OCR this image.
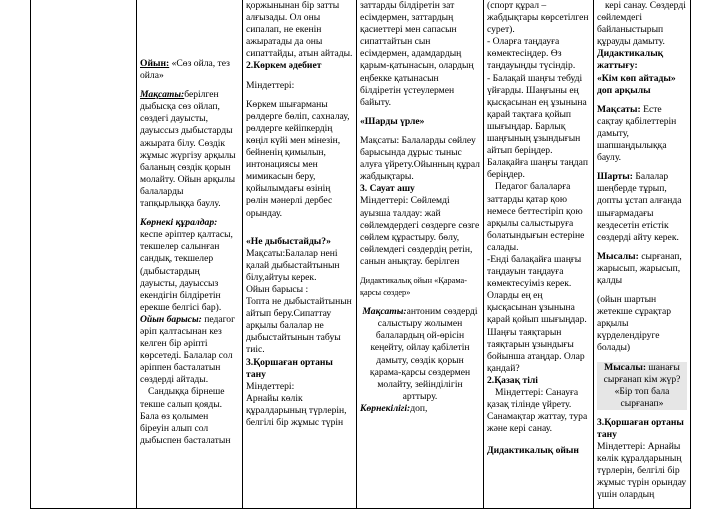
Ойын: «Сөз ойла, тез ойла»

Мақсаты:берілген дыбысқа сөз ойлап, сөздегі дауысты, дауыссыз дыбыстарды ажырата білу. Сөздік жұмыс жүргізу арқылы баланың сөздік қорын молайту. Ойын арқылы балаларды тапқырлыққа баулу.

Көрнекі құралдар: кеспе әріптер қалтасы, текшелер салынған сандық, текшелер (дыбыстардың дауысты, дауыссыз екендігін білдіретін ерекше белгісі бар).

Ойын барысы: педагог әріп қалтасынан кез келген бір әріпті көрсетеді. Балалар сол әріппен басталатын сөздерді айтады.

Сандыққа бірнеше текше салып қояды. Бала өз қолымен біреуін алып сол дыбыспен басталатын

қоржынынан бір затты алғызады. Ол оны сипалап, не екенін ажыратады да оны сипаттайды, атын айтады.

2.Көркем әдебиет

Міндеттері:

Көркем шығарманы рөлдерге бөліп, сахналау, рөлдерге кейіпкердің көңіл күйі мен мінезін, бейненің қимылын, интонациясы мен мимикасын беру, қойылымдағы өзінің рөлін мәнерлі дербес орындау.

«Не дыбыстайды?»

Мақсаты:Балалар нені қалай дыбыстайтынын білу,айтуы керек.

Ойын барысы :

Топта не дыбыстайтынын айтып беру.Сипаттау арқылы балалар не дыбыстайтынын табуы тиіс.

3.Қоршаған ортаны тану

Міндеттері:

Арнайы көлік құралдарының түрлерін, белгілі бір жұмыс түрін

заттарды білдіретін зат есімдермен, заттардың қасиеттері мен сапасын сипаттайтын сын есімдермен, адамдардың қарым-қатынасын, олардың еңбекке қатынасын білдіретін үстеулермен байыту.

«Шарды үрле»

Мақсаты: Балаларды сөйлеу барысында дұрыс тыныс алуға үйрету.Ойынның құрал жабдықтары.

3. Сауат ашу

Міндеттері: Сөйлемді ауызша талдау: жай сөйлемдердегі сөздерге сөзге сөйлем құрастыру. бөлу, сөйлемдегі сөздердің ретін, санын анықтау. берілген

Дидактикалық ойын «Қарама-қарсы сөздер»

Мақсаты:антоним сөздерді салыстыру жолымен балалардың ой-өрісін кеңейту, ойлау қабілетін дамыту, сөздік қорын қарама-қарсы сөздермен молайту, зейінділігін арттыру.

Көрнекілігі:доп,

(спорт құрал – жабдықтары көрсетілген сурет).

- Оларға таңдауға көмектесіңдер. Өз таңдауыңды түсіндір.

- Балақай шаңғы тебуді үйғарды. Шаңғыны ең қысқасынан ең ұзынына қарай тақтаға қойып шығыңдар. Барлық шаңғының ұзындығын айтып беріңдер.

Балақайға шаңғы таңдап беріңдер.

Педагог балаларға заттарды қатар қою немесе беттестіріп қою арқылы салыстыруға болатындығын естеріне салады.

-Енді балақайға шаңғы таңдауын таңдауға көмектесуіміз керек. Оларды ең ең қысқасынан ұзынына қарай қойып шығыңдар. Шаңғы таяқтарын таяқтарын ұзындығы бойынша атаңдар. Олар қандай?

2.Қазақ тілі

Міндеттері: Санауға қазақ тілінде үйрету. Санамақтар жаттау, тура және кері санау.

Дидактикалық ойын

кері санау. Сөздерді сөйлемдегі байланыстырып құрауды дамыту.

Дидактикалық жаттығу:

«Кім көп айтады» доп арқылы

Мақсаты: Есте сақтау қабілеттерін дамыту, шапшаңдылыққа баулу.

Шарты: Балалар шеңберде тұрып, допты ұстап алғанда шығармадағы кездесетін етістік сөздерді айту керек.

Мысалы: сырғанап, жарысып, жарысып, қалды

(ойын шартын жетекше сұрақтар арқылы күрделендіруге болады)

Мысалы: шанағы сырғанап кім жүр? «Бір топ бала сырғанап»

3.Қоршаған ортаны тану

Міндеттері: Арнайы көлік құралдарының түрлерін, белгілі бір жұмыс түрін орындау үшін олардың
